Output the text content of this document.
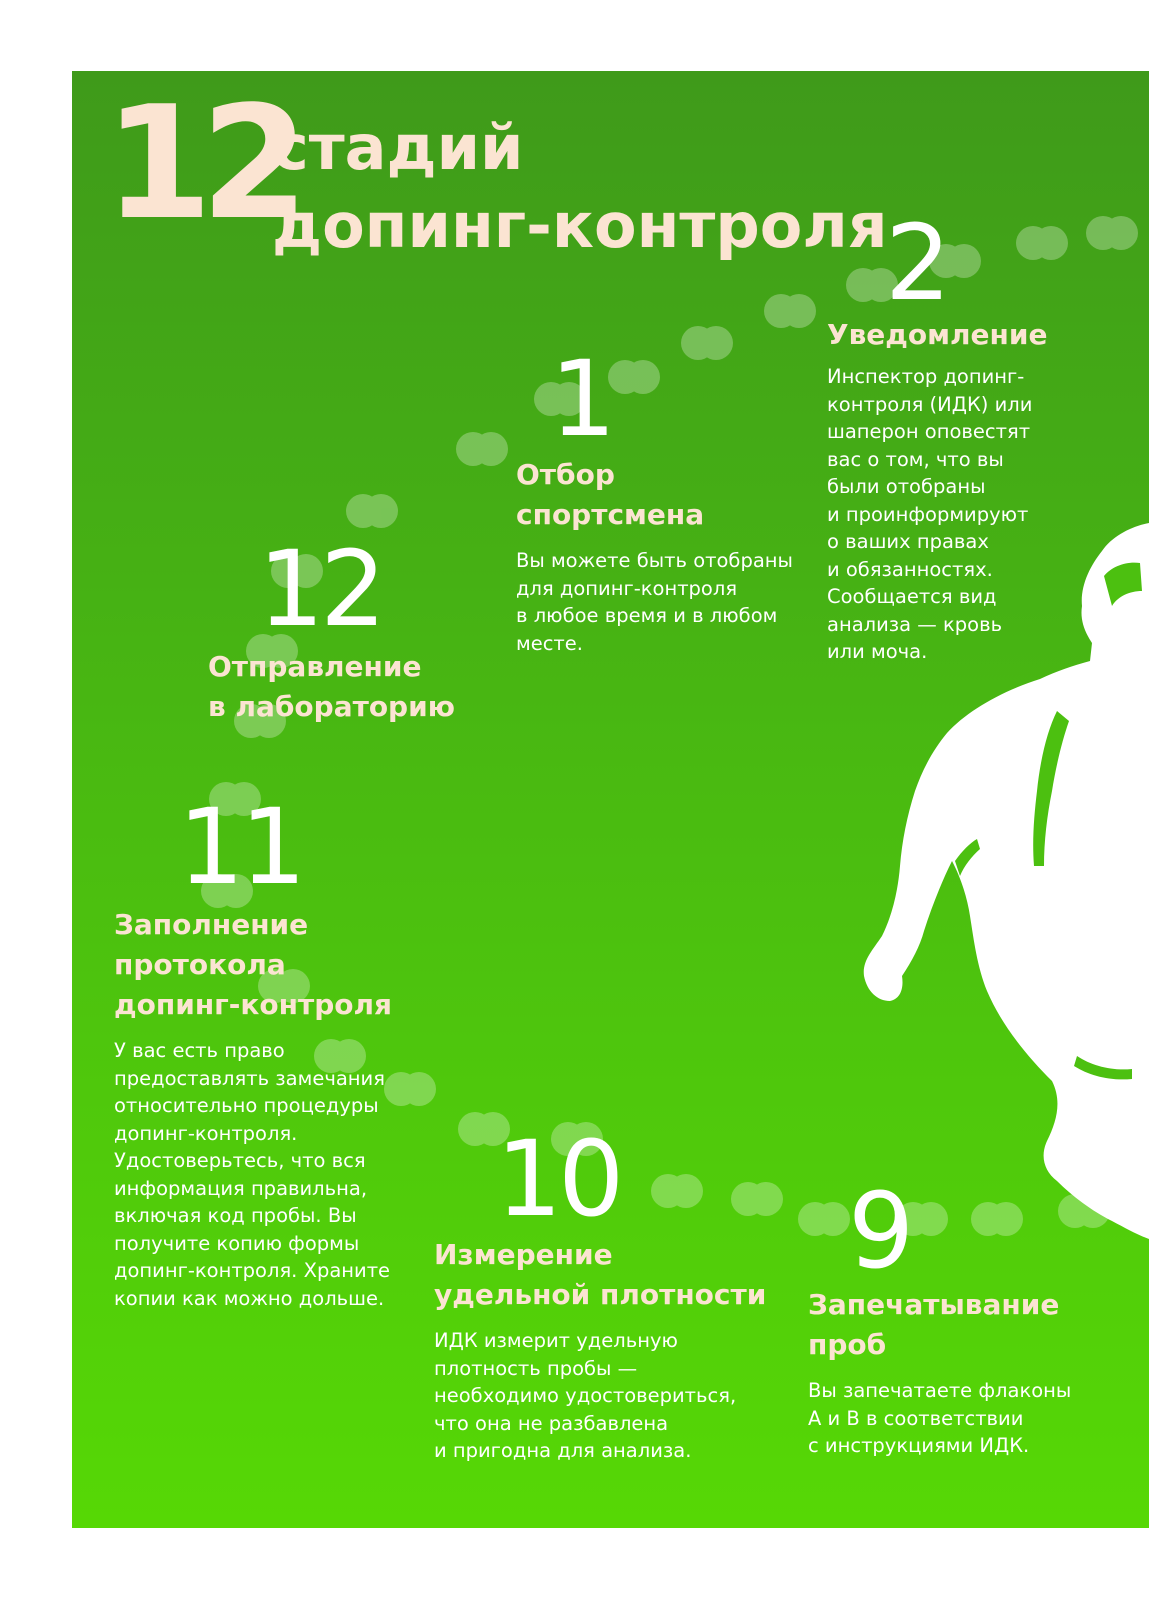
12
стадий
допинг-контроля
1
Отбор
спортсмена
Вы можете быть отобраны
для допинг-контроля
в любое время и в любом
месте.
2
Уведомление
Инспектор допинг-
контроля (ИДК) или
шаперон оповестят
вас о том, что вы
были отобраны
и проинформируют
о ваших правах
и обязанностях.
Сообщается вид
анализа — кровь
или моча.
12
Отправление
в лабораторию
11
Заполнение
протокола
допинг-контроля
У вас есть право
предоставлять замечания
относительно процедуры
допинг-контроля.
Удостоверьтесь, что вся
информация правильна,
включая код пробы. Вы
получите копию формы
допинг-контроля. Храните
копии как можно дольше.
10
Измерение
удельной плотности
ИДК измерит удельную
плотность пробы —
необходимо удостовериться,
что она не разбавлена
и пригодна для анализа.
9
Запечатывание
проб
Вы запечатаете флаконы
А и В в соответствии
с инструкциями ИДК.
